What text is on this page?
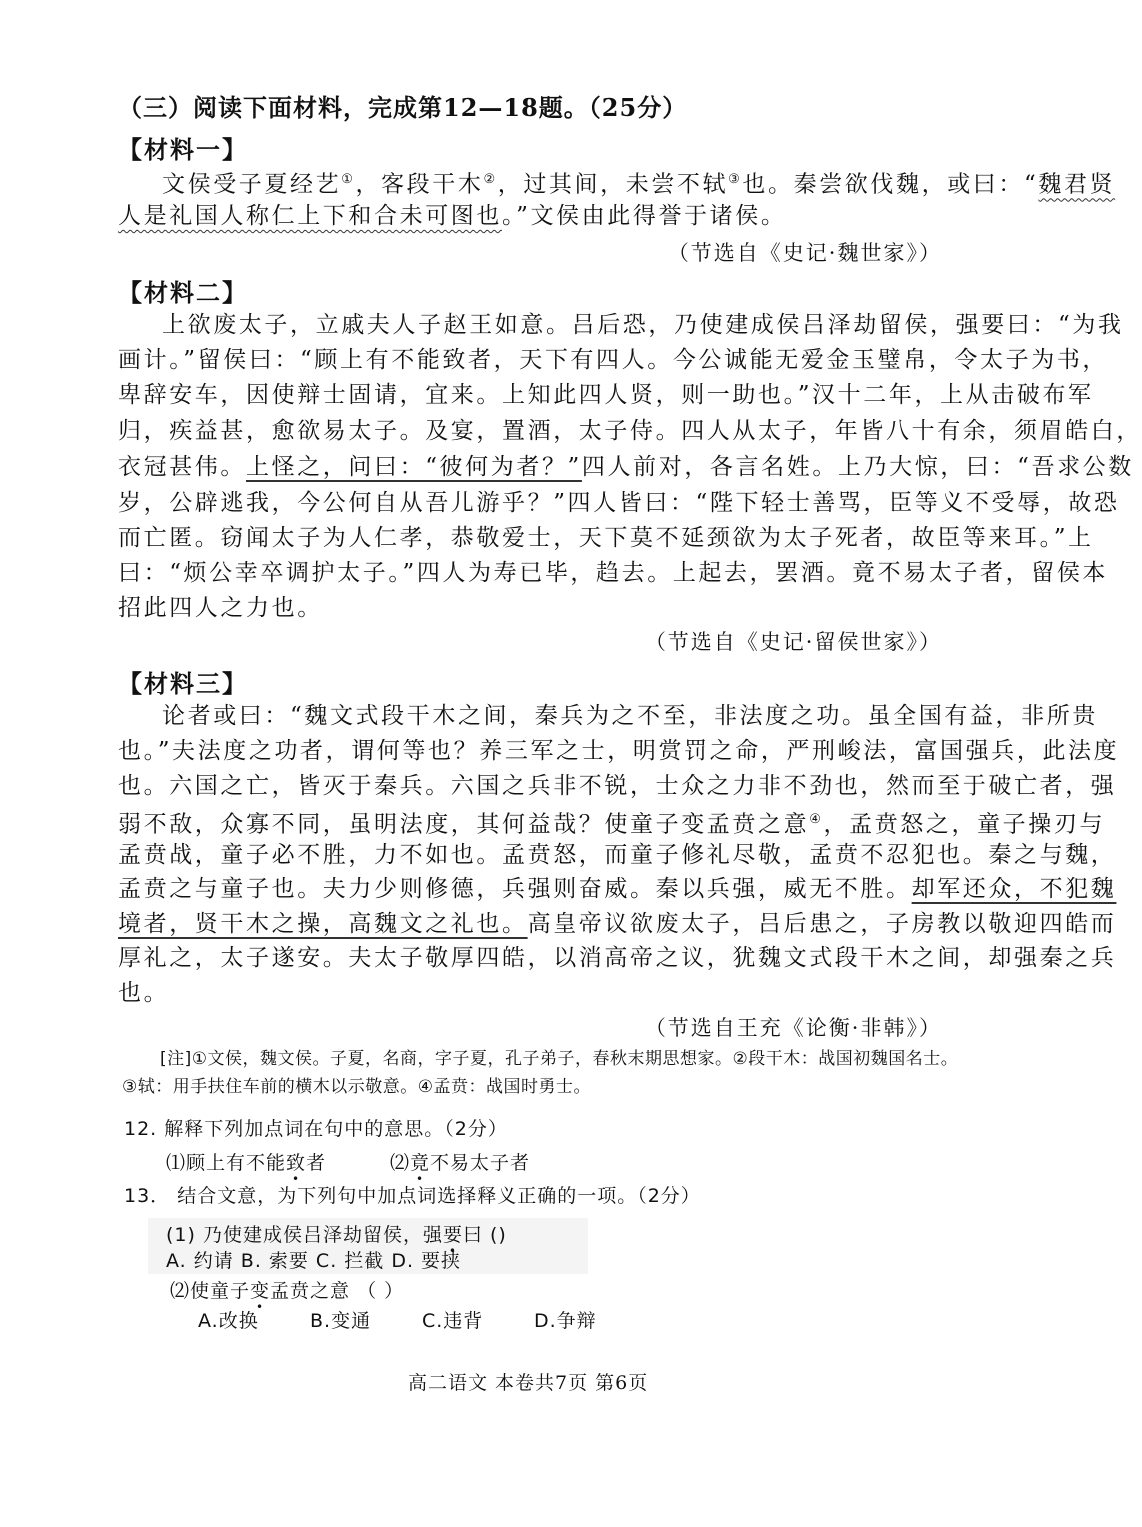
（三）阅读下面材料，完成第12—18题。（25分）
【材料一】
文侯受子夏经艺①，客段干木②，过其间，未尝不轼③也。秦尝欲伐魏，或曰：“魏君贤
人是礼国人称仁上下和合未可图也。”文侯由此得誉于诸侯。
（节选自《史记·魏世家》）
【材料二】
上欲废太子，立戚夫人子赵王如意。吕后恐，乃使建成侯吕泽劫留侯，强要曰：“为我
画计。”留侯曰：“顾上有不能致者，天下有四人。今公诚能无爱金玉璧帛，令太子为书，
卑辞安车，因使辩士固请，宜来。上知此四人贤，则一助也。”汉十二年，上从击破布军
归，疾益甚，愈欲易太子。及宴，置酒，太子侍。四人从太子，年皆八十有余，须眉皓白，
衣冠甚伟。上怪之，问曰：“彼何为者？”四人前对，各言名姓。上乃大惊，曰：“吾求公数
岁，公辟逃我，今公何自从吾儿游乎？”四人皆曰：“陛下轻士善骂，臣等义不受辱，故恐
而亡匿。窃闻太子为人仁孝，恭敬爱士，天下莫不延颈欲为太子死者，故臣等来耳。”上
曰：“烦公幸卒调护太子。”四人为寿已毕，趋去。上起去，罢酒。竟不易太子者，留侯本
招此四人之力也。
（节选自《史记·留侯世家》）
【材料三】
论者或曰：“魏文式段干木之间，秦兵为之不至，非法度之功。虽全国有益，非所贵
也。”夫法度之功者，谓何等也？养三军之士，明赏罚之命，严刑峻法，富国强兵，此法度
也。六国之亡，皆灭于秦兵。六国之兵非不锐，士众之力非不劲也，然而至于破亡者，强
弱不敌，众寡不同，虽明法度，其何益哉？使童子变孟贲之意④，孟贲怒之，童子操刃与
孟贲战，童子必不胜，力不如也。孟贲怒，而童子修礼尽敬，孟贲不忍犯也。秦之与魏，
孟贲之与童子也。夫力少则修德，兵强则奋威。秦以兵强，威无不胜。却军还众，不犯魏
境者，贤干木之操，高魏文之礼也。高皇帝议欲废太子，吕后患之，子房教以敬迎四皓而
厚礼之，太子遂安。夫太子敬厚四皓，以消高帝之议，犹魏文式段干木之间，却强秦之兵
也。
（节选自王充《论衡·非韩》）
[注]①文侯，魏文侯。子夏，名商，字子夏，孔子弟子，春秋末期思想家。②段干木：战国初魏国名士。
③轼：用手扶住车前的横木以示敬意。④孟贲：战国时勇士。
12. 解释下列加点词在句中的意思。（2分）
⑴顾上有不能致者	⑵竟不易太子者
13． 结合文意，为下列句中加点词选择释义正确的一项。（2分）
(1) 乃使建成侯吕泽劫留侯，强要曰 ()
A. 约请 B. 索要 C. 拦截 D. 要挟
⑵使童子变孟贲之意 （ ）
A.改换	B.变通	C.违背	D.争辩
高二语文 本卷共7页 第6页
